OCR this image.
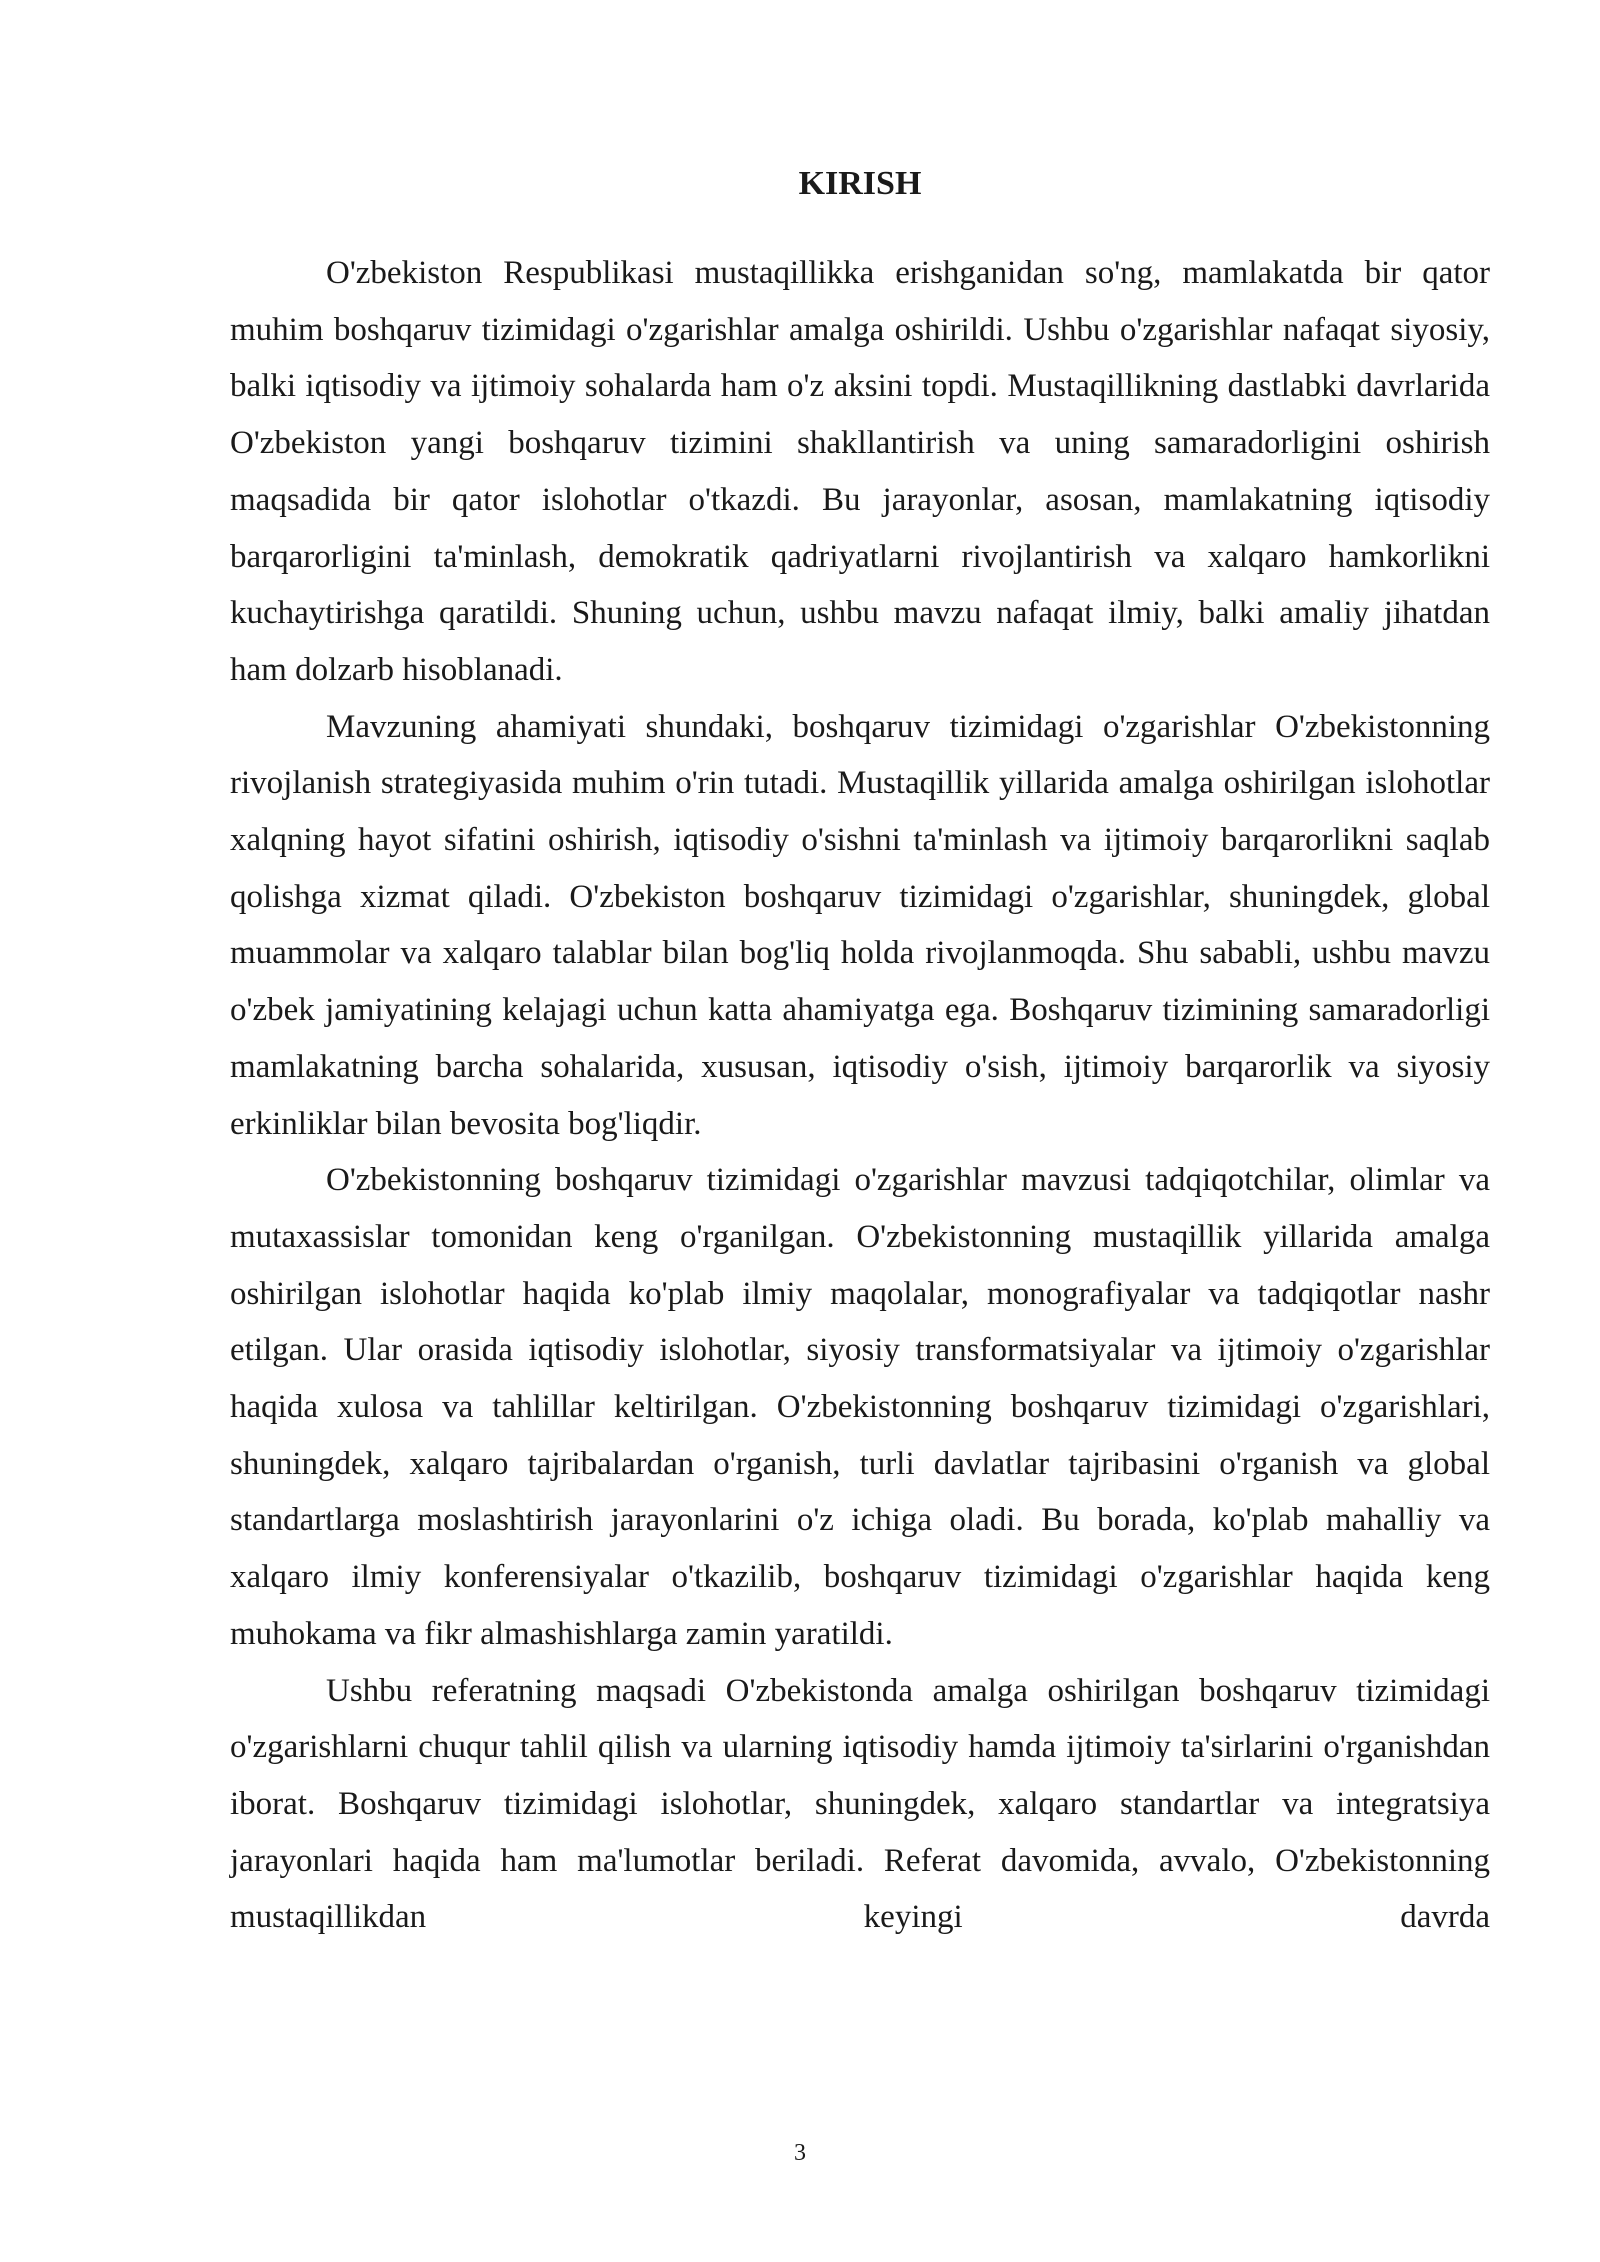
KIRISH

O'zbekiston Respublikasi mustaqillikka erishganidan so'ng, mamlakatda bir qator muhim boshqaruv tizimidagi o'zgarishlar amalga oshirildi. Ushbu o'zgarishlar nafaqat siyosiy, balki iqtisodiy va ijtimoiy sohalarda ham o'z aksini topdi. Mustaqillikning dastlabki davrlarida O'zbekiston yangi boshqaruv tizimini shakllantirish va uning samaradorligini oshirish maqsadida bir qator islohotlar o'tkazdi. Bu jarayonlar, asosan, mamlakatning iqtisodiy barqarorligini ta'minlash, demokratik qadriyatlarni rivojlantirish va xalqaro hamkorlikni kuchaytirishga qaratildi. Shuning uchun, ushbu mavzu nafaqat ilmiy, balki amaliy jihatdan ham dolzarb hisoblanadi.

Mavzuning ahamiyati shundaki, boshqaruv tizimidagi o'zgarishlar O'zbekistonning rivojlanish strategiyasida muhim o'rin tutadi. Mustaqillik yillarida amalga oshirilgan islohotlar xalqning hayot sifatini oshirish, iqtisodiy o'sishni ta'minlash va ijtimoiy barqarorlikni saqlab qolishga xizmat qiladi. O'zbekiston boshqaruv tizimidagi o'zgarishlar, shuningdek, global muammolar va xalqaro talablar bilan bog'liq holda rivojlanmoqda. Shu sababli, ushbu mavzu o'zbek jamiyatining kelajagi uchun katta ahamiyatga ega. Boshqaruv tizimining samaradorligi mamlakatning barcha sohalarida, xususan, iqtisodiy o'sish, ijtimoiy barqarorlik va siyosiy erkinliklar bilan bevosita bog'liqdir.

O'zbekistonning boshqaruv tizimidagi o'zgarishlar mavzusi tadqiqotchilar, olimlar va mutaxassislar tomonidan keng o'rganilgan. O'zbekistonning mustaqillik yillarida amalga oshirilgan islohotlar haqida ko'plab ilmiy maqolalar, monografiyalar va tadqiqotlar nashr etilgan. Ular orasida iqtisodiy islohotlar, siyosiy transformatsiyalar va ijtimoiy o'zgarishlar haqida xulosa va tahlillar keltirilgan. O'zbekistonning boshqaruv tizimidagi o'zgarishlari, shuningdek, xalqaro tajribalardan o'rganish, turli davlatlar tajribasini o'rganish va global standartlarga moslashtirish jarayonlarini o'z ichiga oladi. Bu borada, ko'plab mahalliy va xalqaro ilmiy konferensiyalar o'tkazilib, boshqaruv tizimidagi o'zgarishlar haqida keng muhokama va fikr almashishlarga zamin yaratildi.

Ushbu referatning maqsadi O'zbekistonda amalga oshirilgan boshqaruv tizimidagi o'zgarishlarni chuqur tahlil qilish va ularning iqtisodiy hamda ijtimoiy ta'sirlarini o'rganishdan iborat. Boshqaruv tizimidagi islohotlar, shuningdek, xalqaro standartlar va integratsiya jarayonlari haqida ham ma'lumotlar beriladi. Referat davomida, avvalo, O'zbekistonning mustaqillikdan keyingi davrda

3
